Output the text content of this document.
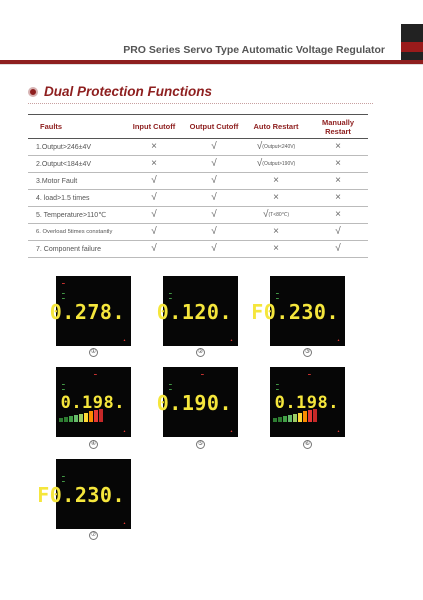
PRO Series Servo Type Automatic Voltage Regulator
Dual Protection Functions
Faults	Input Cutoff	Output Cutoff	Auto Restart	Manually Restart
1.Output>246±4V	×	√	√ (Output<240V)	×
2.Output<184±4V	×	√	√ (Output>190V)	×
3.Motor Fault	√	√	×	×
4. load>1.5 times	√	√	×	×
5. Temperature>110℃	√	√	√ (T<80℃)	×
6. Overload 5times constantly	√	√	×	√
7. Component failure	√	√	×	√
▬
▬
▬
0.278.
▲
①
▬
▬
0.120.
▲
②
▬
▬
F0.230.
▲
③
▬
▬
▬
0.198.
▲
④
▬
▬
▬
0.190.
▲
⑤
▬
▬
▬
0.198.
▲
⑥
▬
▬
F0.230.
▲
⑦
